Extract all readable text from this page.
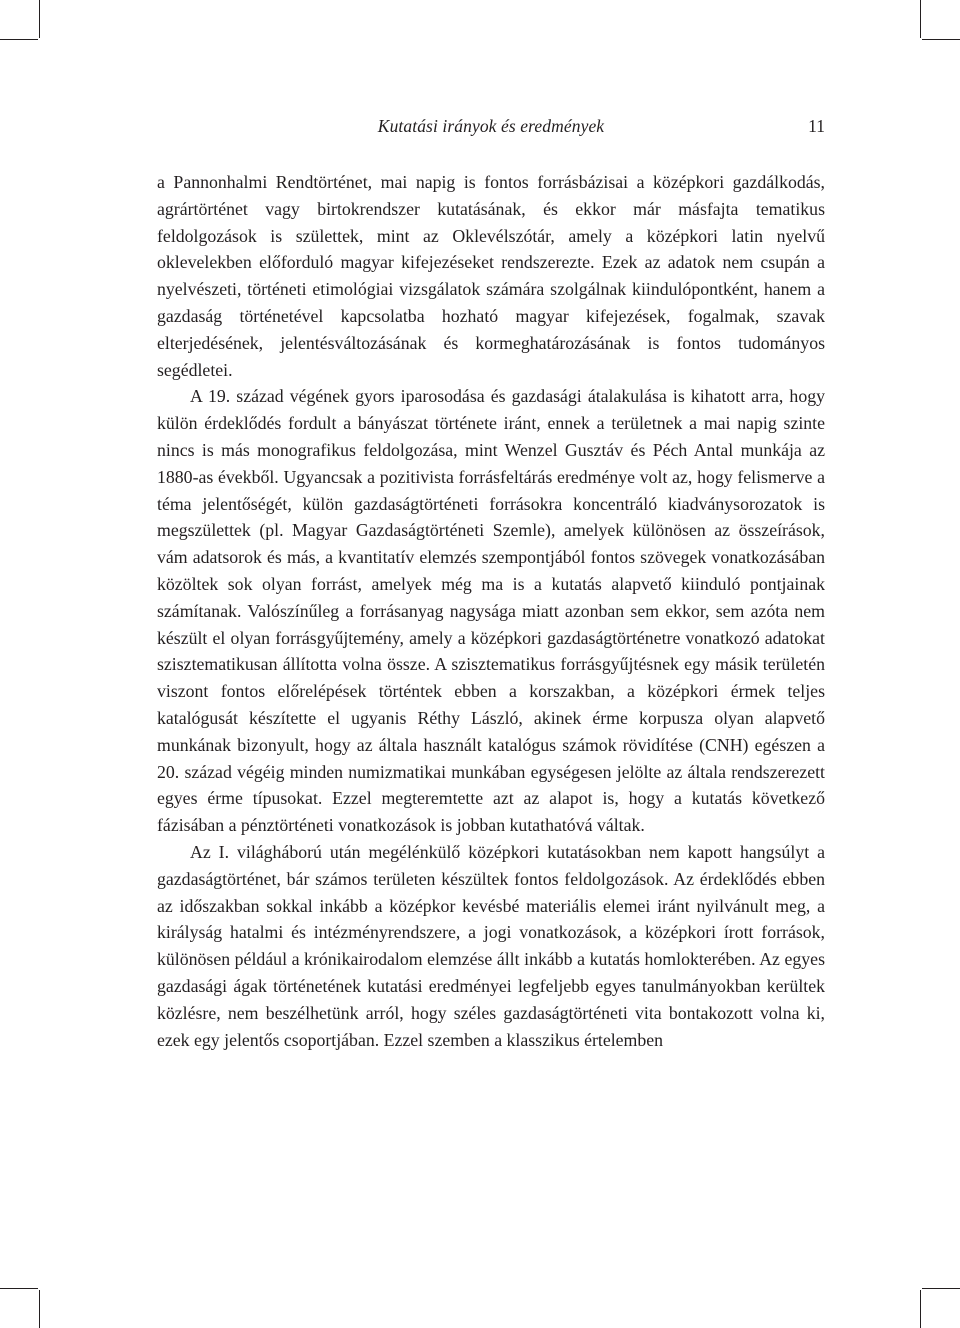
Kutatási irányok és eredmények	11

a Pannonhalmi Rendtörténet, mai napig is fontos forrásbázisai a középkori gazdálkodás, agrártörténet vagy birtokrendszer kutatásának, és ekkor már másfajta tematikus feldolgozások is születtek, mint az Oklevélszótár, amely a középkori latin nyelvű oklevelekben előforduló magyar kifejezéseket rendszerezte. Ezek az adatok nem csupán a nyelvészeti, történeti etimológiai vizsgálatok számára szolgálnak kiindulópontként, hanem a gazdaság történetével kapcsolatba hozható magyar kifejezések, fogalmak, szavak elterjedésének, jelentésváltozásának és kormeghatározásának is fontos tudományos segédletei.

A 19. század végének gyors iparosodása és gazdasági átalakulása is kihatott arra, hogy külön érdeklődés fordult a bányászat története iránt, ennek a területnek a mai napig szinte nincs is más monografikus feldolgozása, mint Wenzel Gusztáv és Péch Antal munkája az 1880-as évekből. Ugyancsak a pozitivista forrásfeltárás eredménye volt az, hogy felismerve a téma jelentőségét, külön gazdaságtörténeti forrásokra koncentráló kiadványsorozatok is megszülettek (pl. Magyar Gazdaságtörténeti Szemle), amelyek különösen az összeírások, vám adatsorok és más, a kvantitatív elemzés szempontjából fontos szövegek vonatkozásában közöltek sok olyan forrást, amelyek még ma is a kutatás alapvető kiinduló pontjainak számítanak. Valószínűleg a forrásanyag nagysága miatt azonban sem ekkor, sem azóta nem készült el olyan forrásgyűjtemény, amely a középkori gazdaságtörténetre vonatkozó adatokat szisztematikusan állította volna össze. A szisztematikus forrásgyűjtésnek egy másik területén viszont fontos előrelépések történtek ebben a korszakban, a középkori érmek teljes katalógusát készítette el ugyanis Réthy László, akinek érme korpusza olyan alapvető munkának bizonyult, hogy az általa használt katalógus számok rövidítése (CNH) egészen a 20. század végéig minden numizmatikai munkában egységesen jelölte az általa rendszerezett egyes érme típusokat. Ezzel megteremtette azt az alapot is, hogy a kutatás következő fázisában a pénztörténeti vonatkozások is jobban kutathatóvá váltak.

Az I. világháború után megélénkülő középkori kutatásokban nem kapott hangsúlyt a gazdaságtörténet, bár számos területen készültek fontos feldolgozások. Az érdeklődés ebben az időszakban sokkal inkább a középkor kevésbé materiális elemei iránt nyilvánult meg, a királyság hatalmi és intézményrendszere, a jogi vonatkozások, a középkori írott források, különösen például a krónikairodalom elemzése állt inkább a kutatás homlokterében. Az egyes gazdasági ágak történetének kutatási eredményei legfeljebb egyes tanulmányokban kerültek közlésre, nem beszélhetünk arról, hogy széles gazdaságtörténeti vita bontakozott volna ki, ezek egy jelentős csoportjában. Ezzel szemben a klasszikus értelemben
